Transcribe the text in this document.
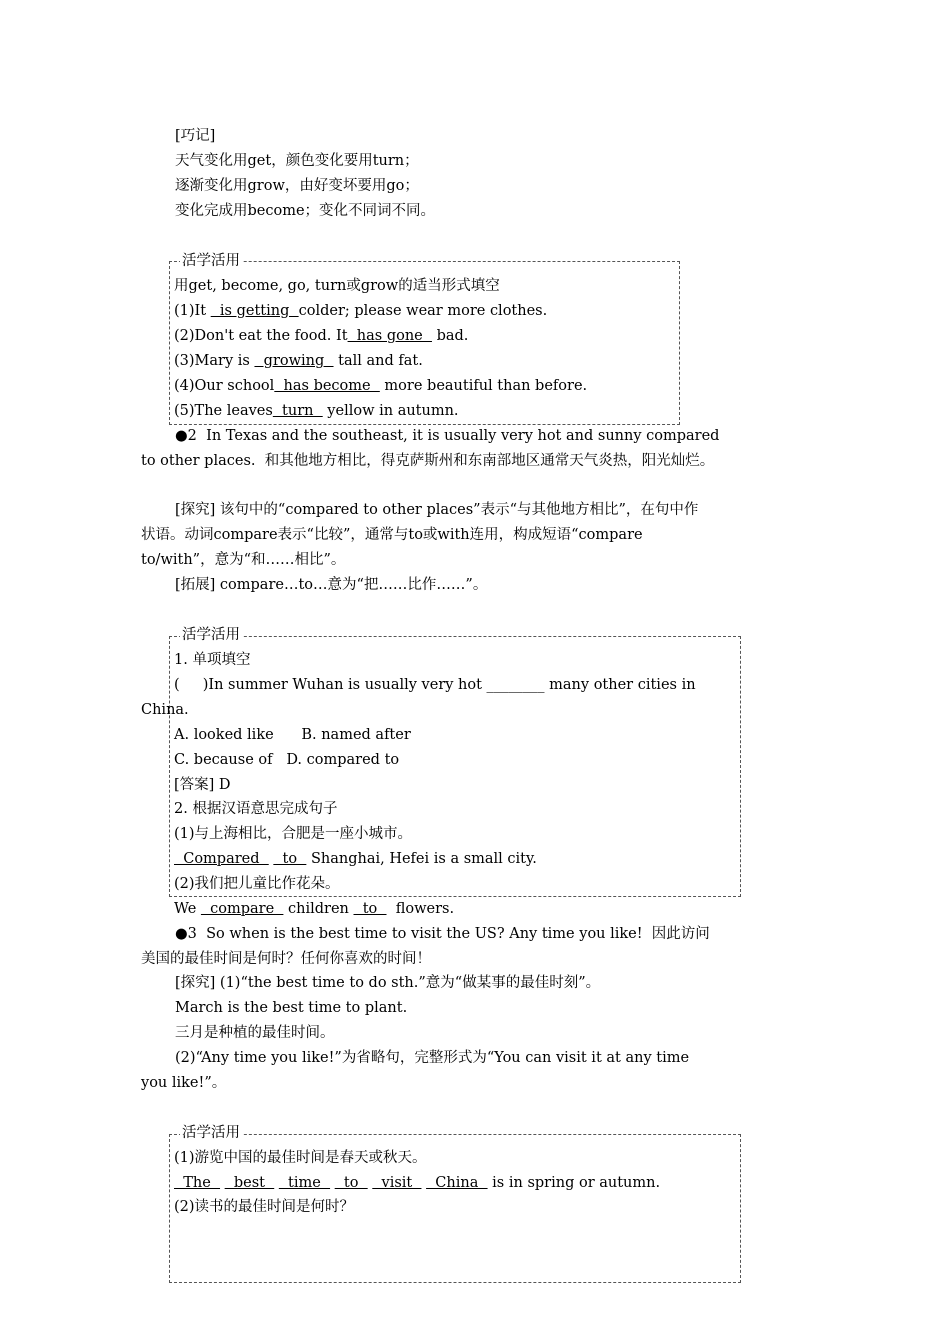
[巧记]
天气变化用get，颜色变化要用turn；
逐渐变化用grow，由好变坏要用go；
变化完成用become；变化不同词不同。
活学活用
用get, become, go, turn或grow的适当形式填空
(1)It   is getting  colder; please wear more clothes.
(2)Don't eat the food. It  has gone   bad.
(3)Mary is   growing   tall and fat.
(4)Our school  has become   more beautiful than before.
(5)The leaves  turn   yellow in autumn.
●2  In Texas and the southeast, it is usually very hot and sunny compared
to other places.  和其他地方相比，得克萨斯州和东南部地区通常天气炎热，阳光灿烂。
[探究] 该句中的“compared to other places”表示“与其他地方相比”，在句中作
状语。动词compare表示“比较”，通常与to或with连用，构成短语“compare
to/with”，意为“和……相比”。
[拓展] compare…to…意为“把……比作……”。
活学活用
1. 单项填空
(     )In summer Wuhan is usually very hot ________ many other cities in
China.
A. looked like      B. named after
C. because of   D. compared to
[答案] D
2. 根据汉语意思完成句子
(1)与上海相比，合肥是一座小城市。
Compared     to   Shanghai, Hefei is a small city.
(2)我们把儿童比作花朵。
We   compare   children   to    flowers.
●3  So when is the best time to visit the US? Any time you like!  因此访问
美国的最佳时间是何时？任何你喜欢的时间！
[探究] (1)“the best time to do sth.”意为“做某事的最佳时刻”。
March is the best time to plant.
三月是种植的最佳时间。
(2)“Any time you like!”为省略句，完整形式为“You can visit it at any time
you like!”。
活学活用
(1)游览中国的最佳时间是春天或秋天。
The     best     time     to     visit     China   is in spring or autumn.
(2)读书的最佳时间是何时？
